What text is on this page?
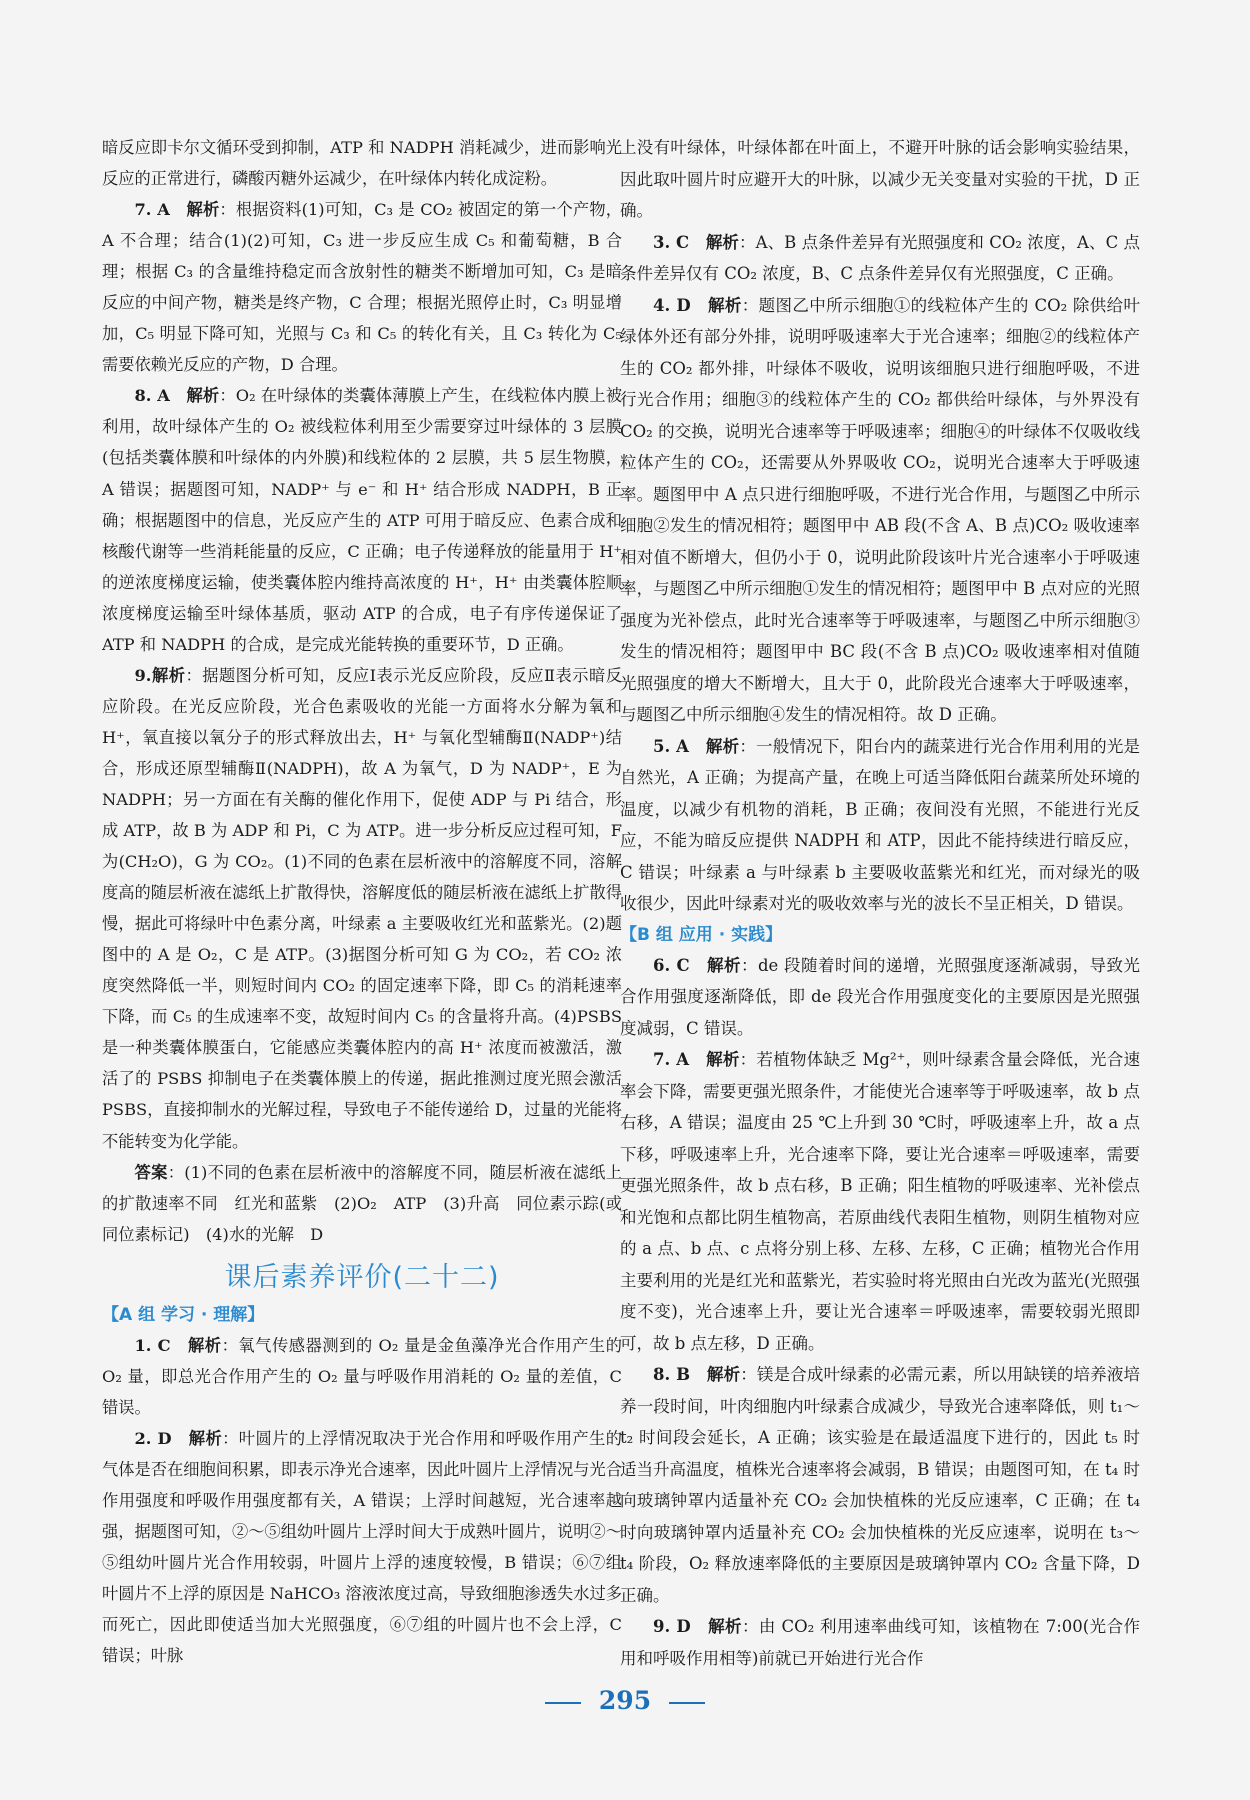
暗反应即卡尔文循环受到抑制，ATP 和 NADPH 消耗减少，进而影响光反应的正常进行，磷酸丙糖外运减少，在叶绿体内转化成淀粉。

7. A　 解析：根据资料(1)可知，C₃ 是 CO₂ 被固定的第一个产物，A 不合理；结合(1)(2)可知，C₃ 进一步反应生成 C₅ 和葡萄糖，B 合理；根据 C₃ 的含量维持稳定而含放射性的糖类不断增加可知，C₃ 是暗反应的中间产物，糖类是终产物，C 合理；根据光照停止时，C₃ 明显增加，C₅ 明显下降可知，光照与 C₃ 和 C₅ 的转化有关，且 C₃ 转化为 C₅ 需要依赖光反应的产物，D 合理。

8. A　 解析：O₂ 在叶绿体的类囊体薄膜上产生，在线粒体内膜上被利用，故叶绿体产生的 O₂ 被线粒体利用至少需要穿过叶绿体的 3 层膜(包括类囊体膜和叶绿体的内外膜)和线粒体的 2 层膜，共 5 层生物膜，A 错误；据题图可知，NADP⁺ 与 e⁻ 和 H⁺ 结合形成 NADPH，B 正确；根据题图中的信息，光反应产生的 ATP 可用于暗反应、色素合成和核酸代谢等一些消耗能量的反应，C 正确；电子传递释放的能量用于 H⁺ 的逆浓度梯度运输，使类囊体腔内维持高浓度的 H⁺，H⁺ 由类囊体腔顺浓度梯度运输至叶绿体基质，驱动 ATP 的合成，电子有序传递保证了 ATP 和 NADPH 的合成，是完成光能转换的重要环节，D 正确。

9.解析：据题图分析可知，反应Ⅰ表示光反应阶段，反应Ⅱ表示暗反应阶段。在光反应阶段，光合色素吸收的光能一方面将水分解为氧和 H⁺，氧直接以氧分子的形式释放出去，H⁺ 与氧化型辅酶Ⅱ(NADP⁺)结合，形成还原型辅酶Ⅱ(NADPH)，故 A 为氧气，D 为 NADP⁺，E 为 NADPH；另一方面在有关酶的催化作用下，促使 ADP 与 Pi 结合，形成 ATP，故 B 为 ADP 和 Pi，C 为 ATP。进一步分析反应过程可知，F 为(CH₂O)，G 为 CO₂。(1)不同的色素在层析液中的溶解度不同，溶解度高的随层析液在滤纸上扩散得快，溶解度低的随层析液在滤纸上扩散得慢，据此可将绿叶中色素分离，叶绿素 a 主要吸收红光和蓝紫光。(2)题图中的 A 是 O₂，C 是 ATP。(3)据图分析可知 G 为 CO₂，若 CO₂ 浓度突然降低一半，则短时间内 CO₂ 的固定速率下降，即 C₅ 的消耗速率下降，而 C₅ 的生成速率不变，故短时间内 C₅ 的含量将升高。(4)PSBS 是一种类囊体膜蛋白，它能感应类囊体腔内的高 H⁺ 浓度而被激活，激活了的 PSBS 抑制电子在类囊体膜上的传递，据此推测过度光照会激活 PSBS，直接抑制水的光解过程，导致电子不能传递给 D，过量的光能将不能转变为化学能。

答案：(1)不同的色素在层析液中的溶解度不同，随层析液在滤纸上的扩散速率不同　红光和蓝紫　(2)O₂　ATP　(3)升高　同位素示踪(或同位素标记)　(4)水的光解　D

课后素养评价(二十二)

【A 组 学习 · 理解】

1. C　 解析：氧气传感器测到的 O₂ 量是金鱼藻净光合作用产生的 O₂ 量，即总光合作用产生的 O₂ 量与呼吸作用消耗的 O₂ 量的差值，C 错误。

2. D　 解析：叶圆片的上浮情况取决于光合作用和呼吸作用产生的气体是否在细胞间积累，即表示净光合速率，因此叶圆片上浮情况与光合作用强度和呼吸作用强度都有关，A 错误；上浮时间越短，光合速率越强，据题图可知，②～⑤组幼叶圆片上浮时间大于成熟叶圆片，说明②～⑤组幼叶圆片光合作用较弱，叶圆片上浮的速度较慢，B 错误；⑥⑦组叶圆片不上浮的原因是 NaHCO₃ 溶液浓度过高，导致细胞渗透失水过多而死亡，因此即使适当加大光照强度，⑥⑦组的叶圆片也不会上浮，C 错误；叶脉

上没有叶绿体，叶绿体都在叶面上，不避开叶脉的话会影响实验结果，因此取叶圆片时应避开大的叶脉，以减少无关变量对实验的干扰，D 正确。

3. C　 解析：A、B 点条件差异有光照强度和 CO₂ 浓度，A、C 点条件差异仅有 CO₂ 浓度，B、C 点条件差异仅有光照强度，C 正确。

4. D　 解析：题图乙中所示细胞①的线粒体产生的 CO₂ 除供给叶绿体外还有部分外排，说明呼吸速率大于光合速率；细胞②的线粒体产生的 CO₂ 都外排，叶绿体不吸收，说明该细胞只进行细胞呼吸，不进行光合作用；细胞③的线粒体产生的 CO₂ 都供给叶绿体，与外界没有 CO₂ 的交换，说明光合速率等于呼吸速率；细胞④的叶绿体不仅吸收线粒体产生的 CO₂，还需要从外界吸收 CO₂，说明光合速率大于呼吸速率。题图甲中 A 点只进行细胞呼吸，不进行光合作用，与题图乙中所示细胞②发生的情况相符；题图甲中 AB 段(不含 A、B 点)CO₂ 吸收速率相对值不断增大，但仍小于 0，说明此阶段该叶片光合速率小于呼吸速率，与题图乙中所示细胞①发生的情况相符；题图甲中 B 点对应的光照强度为光补偿点，此时光合速率等于呼吸速率，与题图乙中所示细胞③发生的情况相符；题图甲中 BC 段(不含 B 点)CO₂ 吸收速率相对值随光照强度的增大不断增大，且大于 0，此阶段光合速率大于呼吸速率，与题图乙中所示细胞④发生的情况相符。故 D 正确。

5. A　 解析：一般情况下，阳台内的蔬菜进行光合作用利用的光是自然光，A 正确；为提高产量，在晚上可适当降低阳台蔬菜所处环境的温度，以减少有机物的消耗，B 正确；夜间没有光照，不能进行光反应，不能为暗反应提供 NADPH 和 ATP，因此不能持续进行暗反应，C 错误；叶绿素 a 与叶绿素 b 主要吸收蓝紫光和红光，而对绿光的吸收很少，因此叶绿素对光的吸收效率与光的波长不呈正相关，D 错误。

【B 组 应用 · 实践】

6. C　 解析：de 段随着时间的递增，光照强度逐渐减弱，导致光合作用强度逐渐降低，即 de 段光合作用强度变化的主要原因是光照强度减弱，C 错误。

7. A　 解析：若植物体缺乏 Mg²⁺，则叶绿素含量会降低，光合速率会下降，需要更强光照条件，才能使光合速率等于呼吸速率，故 b 点右移，A 错误；温度由 25 ℃上升到 30 ℃时，呼吸速率上升，故 a 点下移，呼吸速率上升，光合速率下降，要让光合速率＝呼吸速率，需要更强光照条件，故 b 点右移，B 正确；阳生植物的呼吸速率、光补偿点和光饱和点都比阴生植物高，若原曲线代表阳生植物，则阴生植物对应的 a 点、b 点、c 点将分别上移、左移、左移，C 正确；植物光合作用主要利用的光是红光和蓝紫光，若实验时将光照由白光改为蓝光(光照强度不变)，光合速率上升，要让光合速率＝呼吸速率，需要较弱光照即可，故 b 点左移，D 正确。

8. B　 解析：镁是合成叶绿素的必需元素，所以用缺镁的培养液培养一段时间，叶肉细胞内叶绿素合成减少，导致光合速率降低，则 t₁～t₂ 时间段会延长，A 正确；该实验是在最适温度下进行的，因此 t₅ 时适当升高温度，植株光合速率将会减弱，B 错误；由题图可知，在 t₄ 时向玻璃钟罩内适量补充 CO₂ 会加快植株的光反应速率，C 正确；在 t₄ 时向玻璃钟罩内适量补充 CO₂ 会加快植株的光反应速率，说明在 t₃～t₄ 阶段，O₂ 释放速率降低的主要原因是玻璃钟罩内 CO₂ 含量下降，D 正确。

9. D　 解析：由 CO₂ 利用速率曲线可知，该植物在 7:00(光合作用和呼吸作用相等)前就已开始进行光合作

295
